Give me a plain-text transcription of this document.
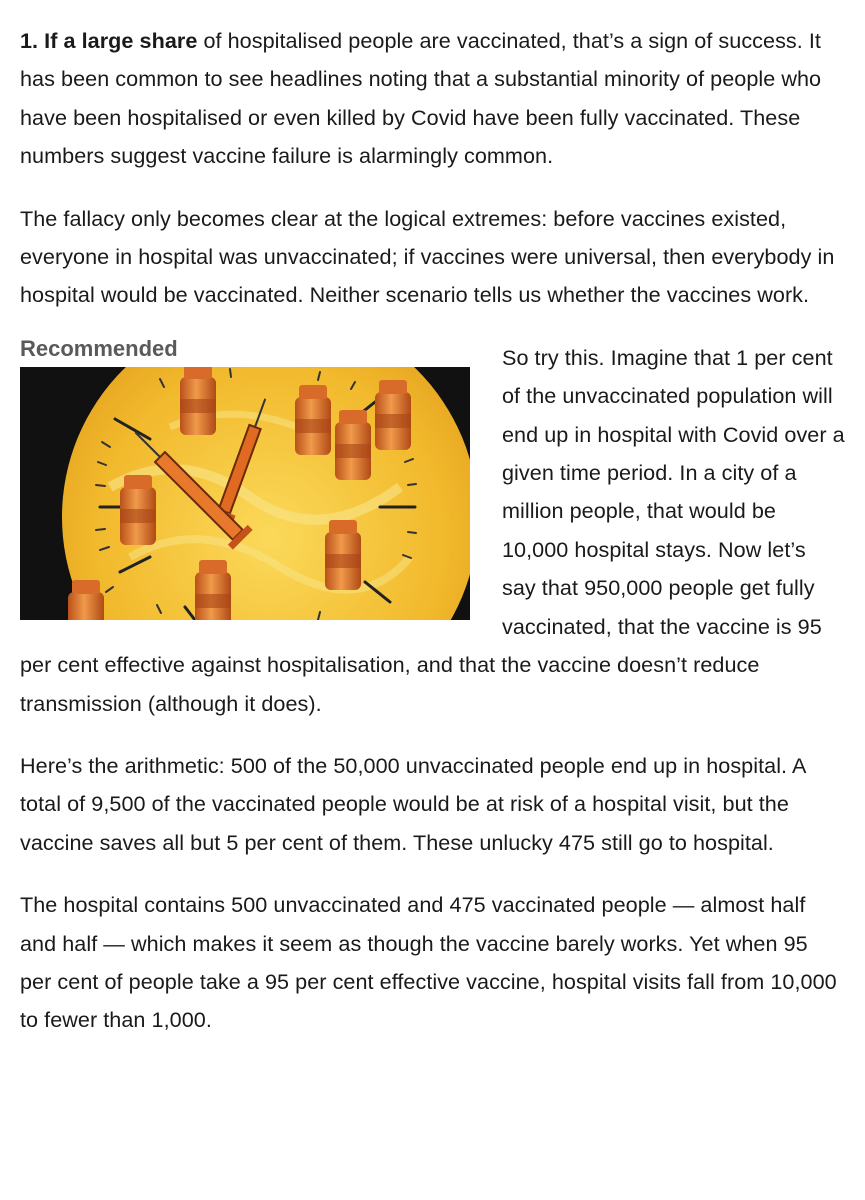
1. If a large share of hospitalised people are vaccinated, that’s a sign of success. It has been common to see headlines noting that a substantial minority of people who have been hospitalised or even killed by Covid have been fully vaccinated. These numbers suggest vaccine failure is alarmingly common.

The fallacy only becomes clear at the logical extremes: before vaccines existed, everyone in hospital was unvaccinated; if vaccines were universal, then everybody in hospital would be vaccinated. Neither scenario tells us whether the vaccines work.

Recommended	So try this. Imagine that 1 per cent of the unvaccinated population will end up in hospital with Covid over a given time period. In a city of a million people, that would be 10,000 hospital stays. Now let’s say that 950,000 people get fully vaccinated, that the vaccine is 95 per cent effective against hospitalisation, and that the vaccine doesn’t reduce transmission (although it does).

Here’s the arithmetic: 500 of the 50,000 unvaccinated people end up in hospital. A total of 9,500 of the vaccinated people would be at risk of a hospital visit, but the vaccine saves all but 5 per cent of them. These unlucky 475 still go to hospital.

The hospital contains 500 unvaccinated and 475 vaccinated people — almost half and half — which makes it seem as though the vaccine barely works. Yet when 95 per cent of people take a 95 per cent effective vaccine, hospital visits fall from 10,000 to fewer than 1,000.
